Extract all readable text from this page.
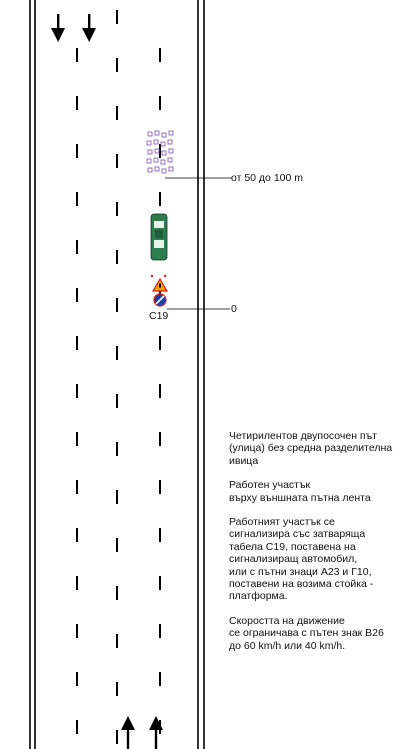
C19
от 50 до 100 m
0

Четирилентов двупосочен път
(улица) без средна разделителна
ивица

Работен участък
върху външната пътна лента

Работният участък се
сигнализира със затваряща
табела С19, поставена на
сигнализиращ автомобил,
или с пътни знаци А23 и Г10,
поставени на возима стойка -
платформа.

Скоростта на движение
се ограничава с пътен знак В26
до 60 km/h или 40 km/h.
